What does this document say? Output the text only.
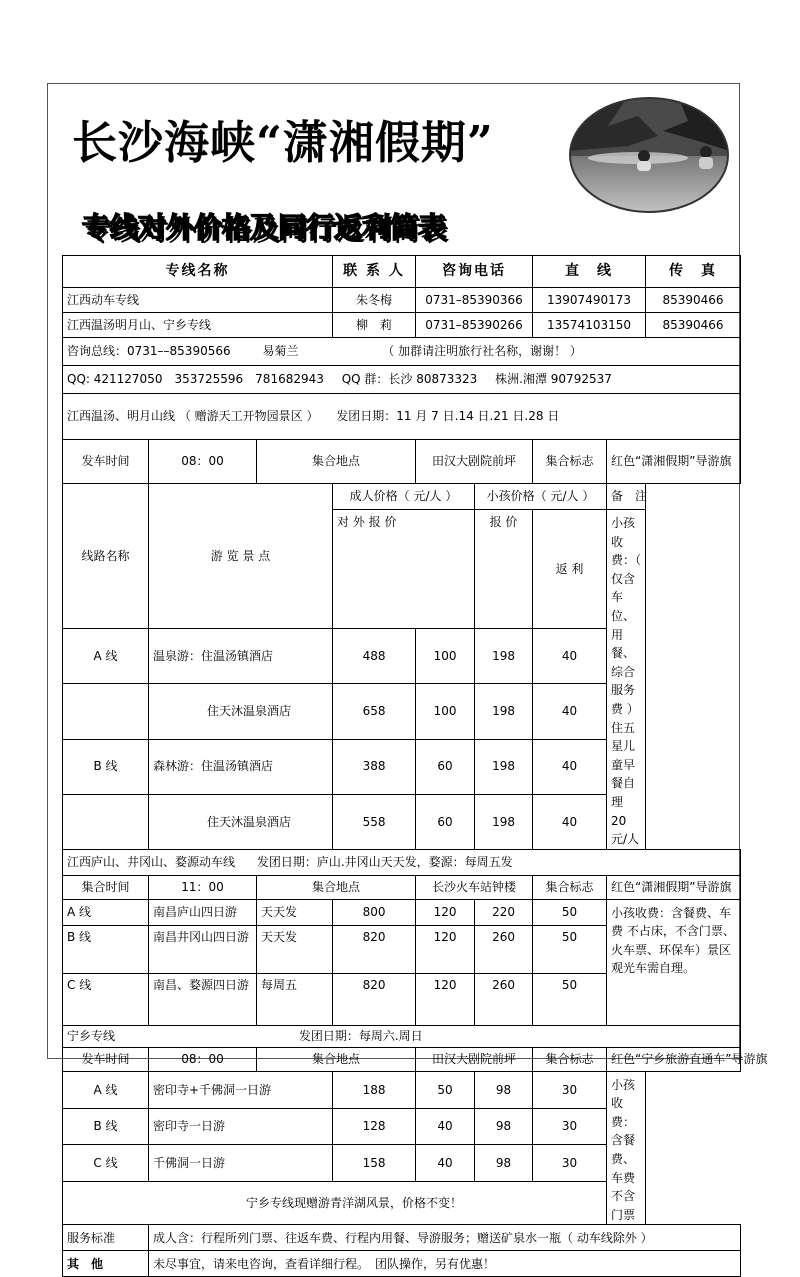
长沙海峡“潇湘假期”
专线对外价格及同行返利简表
专线名称			联 系 人	咨询电话		直　线		传　真
江西动车专线			朱冬梅	0731–85390366		13907490173		85390466
江西温汤明月山、宁乡专线			柳　莉	0731–85390266		13574103150		85390466
咨询总线：0731––85390566 易菊兰 （ 加群请注明旅行社名称，谢谢！ ）								
QQ: 421127050　353725596　781682943 QQ 群：长沙 80873323 株洲.湘潭 90792537								
江西温汤、明月山线 （ 赠游天工开物园景区 ） 发团日期：11 月 7 日.14 日.21 日.28 日								
发车时间	08：00	集合地点		田汉大剧院前坪		集合标志	红色“潇湘假期”导游旗	
线路名称	游 览 景 点		成人价格（ 元/人 ）		小孩价格（ 元/人 ）		备　注	
			对 外 报 价		报 价	返 利	小孩收费：（ 仅含车位、用餐、综合服务费 ）住五星儿童早餐自理 20 元/人	

A 线	温泉游：住温汤镇酒店		488	100	198	40		
	住天沐温泉酒店		658	100	198	40		
B 线	森林游：住温汤镇酒店		388	60	198	40		
	住天沐温泉酒店		558	60	198	40		
江西庐山、井冈山、婺源动车线 发团日期：庐山.井冈山天天发，婺源：每周五发								
集合时间	11：00	集合地点		长沙火车站钟楼		集合标志	红色“潇湘假期”导游旗	
A 线	南昌庐山四日游	天天发	800	120	220	50	小孩收费：含餐费、车费 不占床，不含门票、火车票、环保车）景区观光车需自理。	
B 线	南昌井冈山四日游	天天发	820	120	260	50		
C 线	南昌、婺源四日游	每周五	820	120	260	50		
宁乡专线 发团日期：每周六.周日								
发车时间	08：00	集合地点		田汉大剧院前坪		集合标志	红色“宁乡旅游直通车”导游旗	
A 线	密印寺+千佛洞一日游		188	50	98	30	小孩收费：含餐费、车费 不含门票	
B 线	密印寺一日游		128	40	98	30		
C 线	千佛洞一日游		158	40	98	30		
宁乡专线现赠游青洋湖风景，价格不变！								
服务标准	成人含：行程所列门票、往返车费、行程内用餐、导游服务；赠送矿泉水一瓶（ 动车线除外 ）							
其　他	未尽事宜，请来电咨询，查看详细行程。　团队操作，另有优惠！							
